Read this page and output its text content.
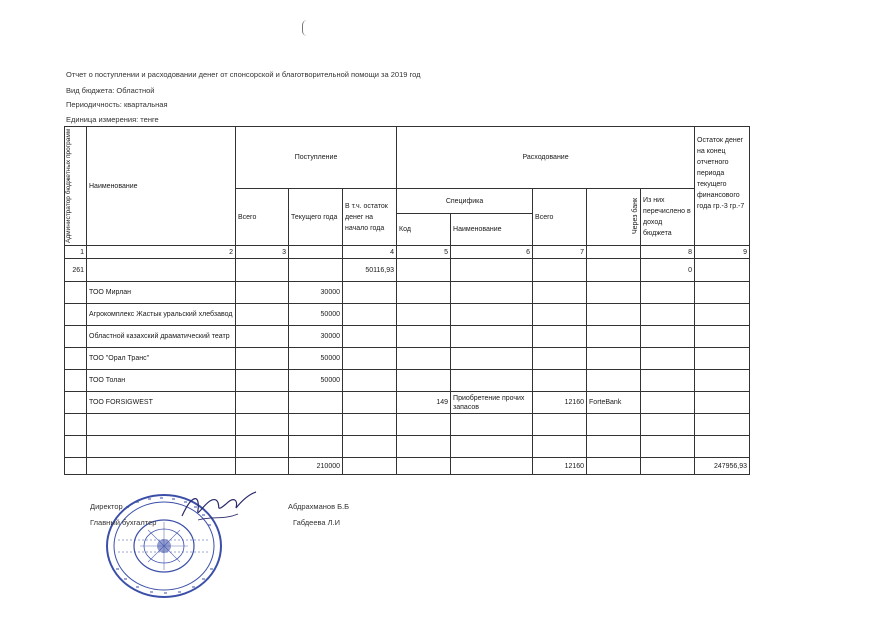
Отчет о поступлении и расходовании денег от спонсорской и благотворительной помощи за 2019 год
Вид бюджета: Областной
Периодичность: квартальная
Единица измерения: тенге
Администратор бюджетных программ	Наименование	Поступление			Расходование					Остаток денег на конец отчетного периода текущего финансового года гр.-3 гр.-7
		Всего	Текущего года	В т.ч. остаток денег на начало года	Специфика		Всего	Через банк	Из них перечислено в доход бюджета	
					Код	Наименование				
1	2	3		4	5	6	7		8	9
261				50116,93					0	
	ТОО Мирлан		30000							
	Агрокомплекс Жастык уральский хлебзавод		50000							
	Областной казахский драматический театр		30000							
	ТОО "Орал Транс"		50000							
	ТОО Толан		50000							
	ТОО FORSIGWEST				149	Приобретение прочих запасов	12160	ForteBank		

			210000				12160			247956,93
Директор	Абдрахманов Б.Б
Главный бухгалтер	Габдеева Л.И
